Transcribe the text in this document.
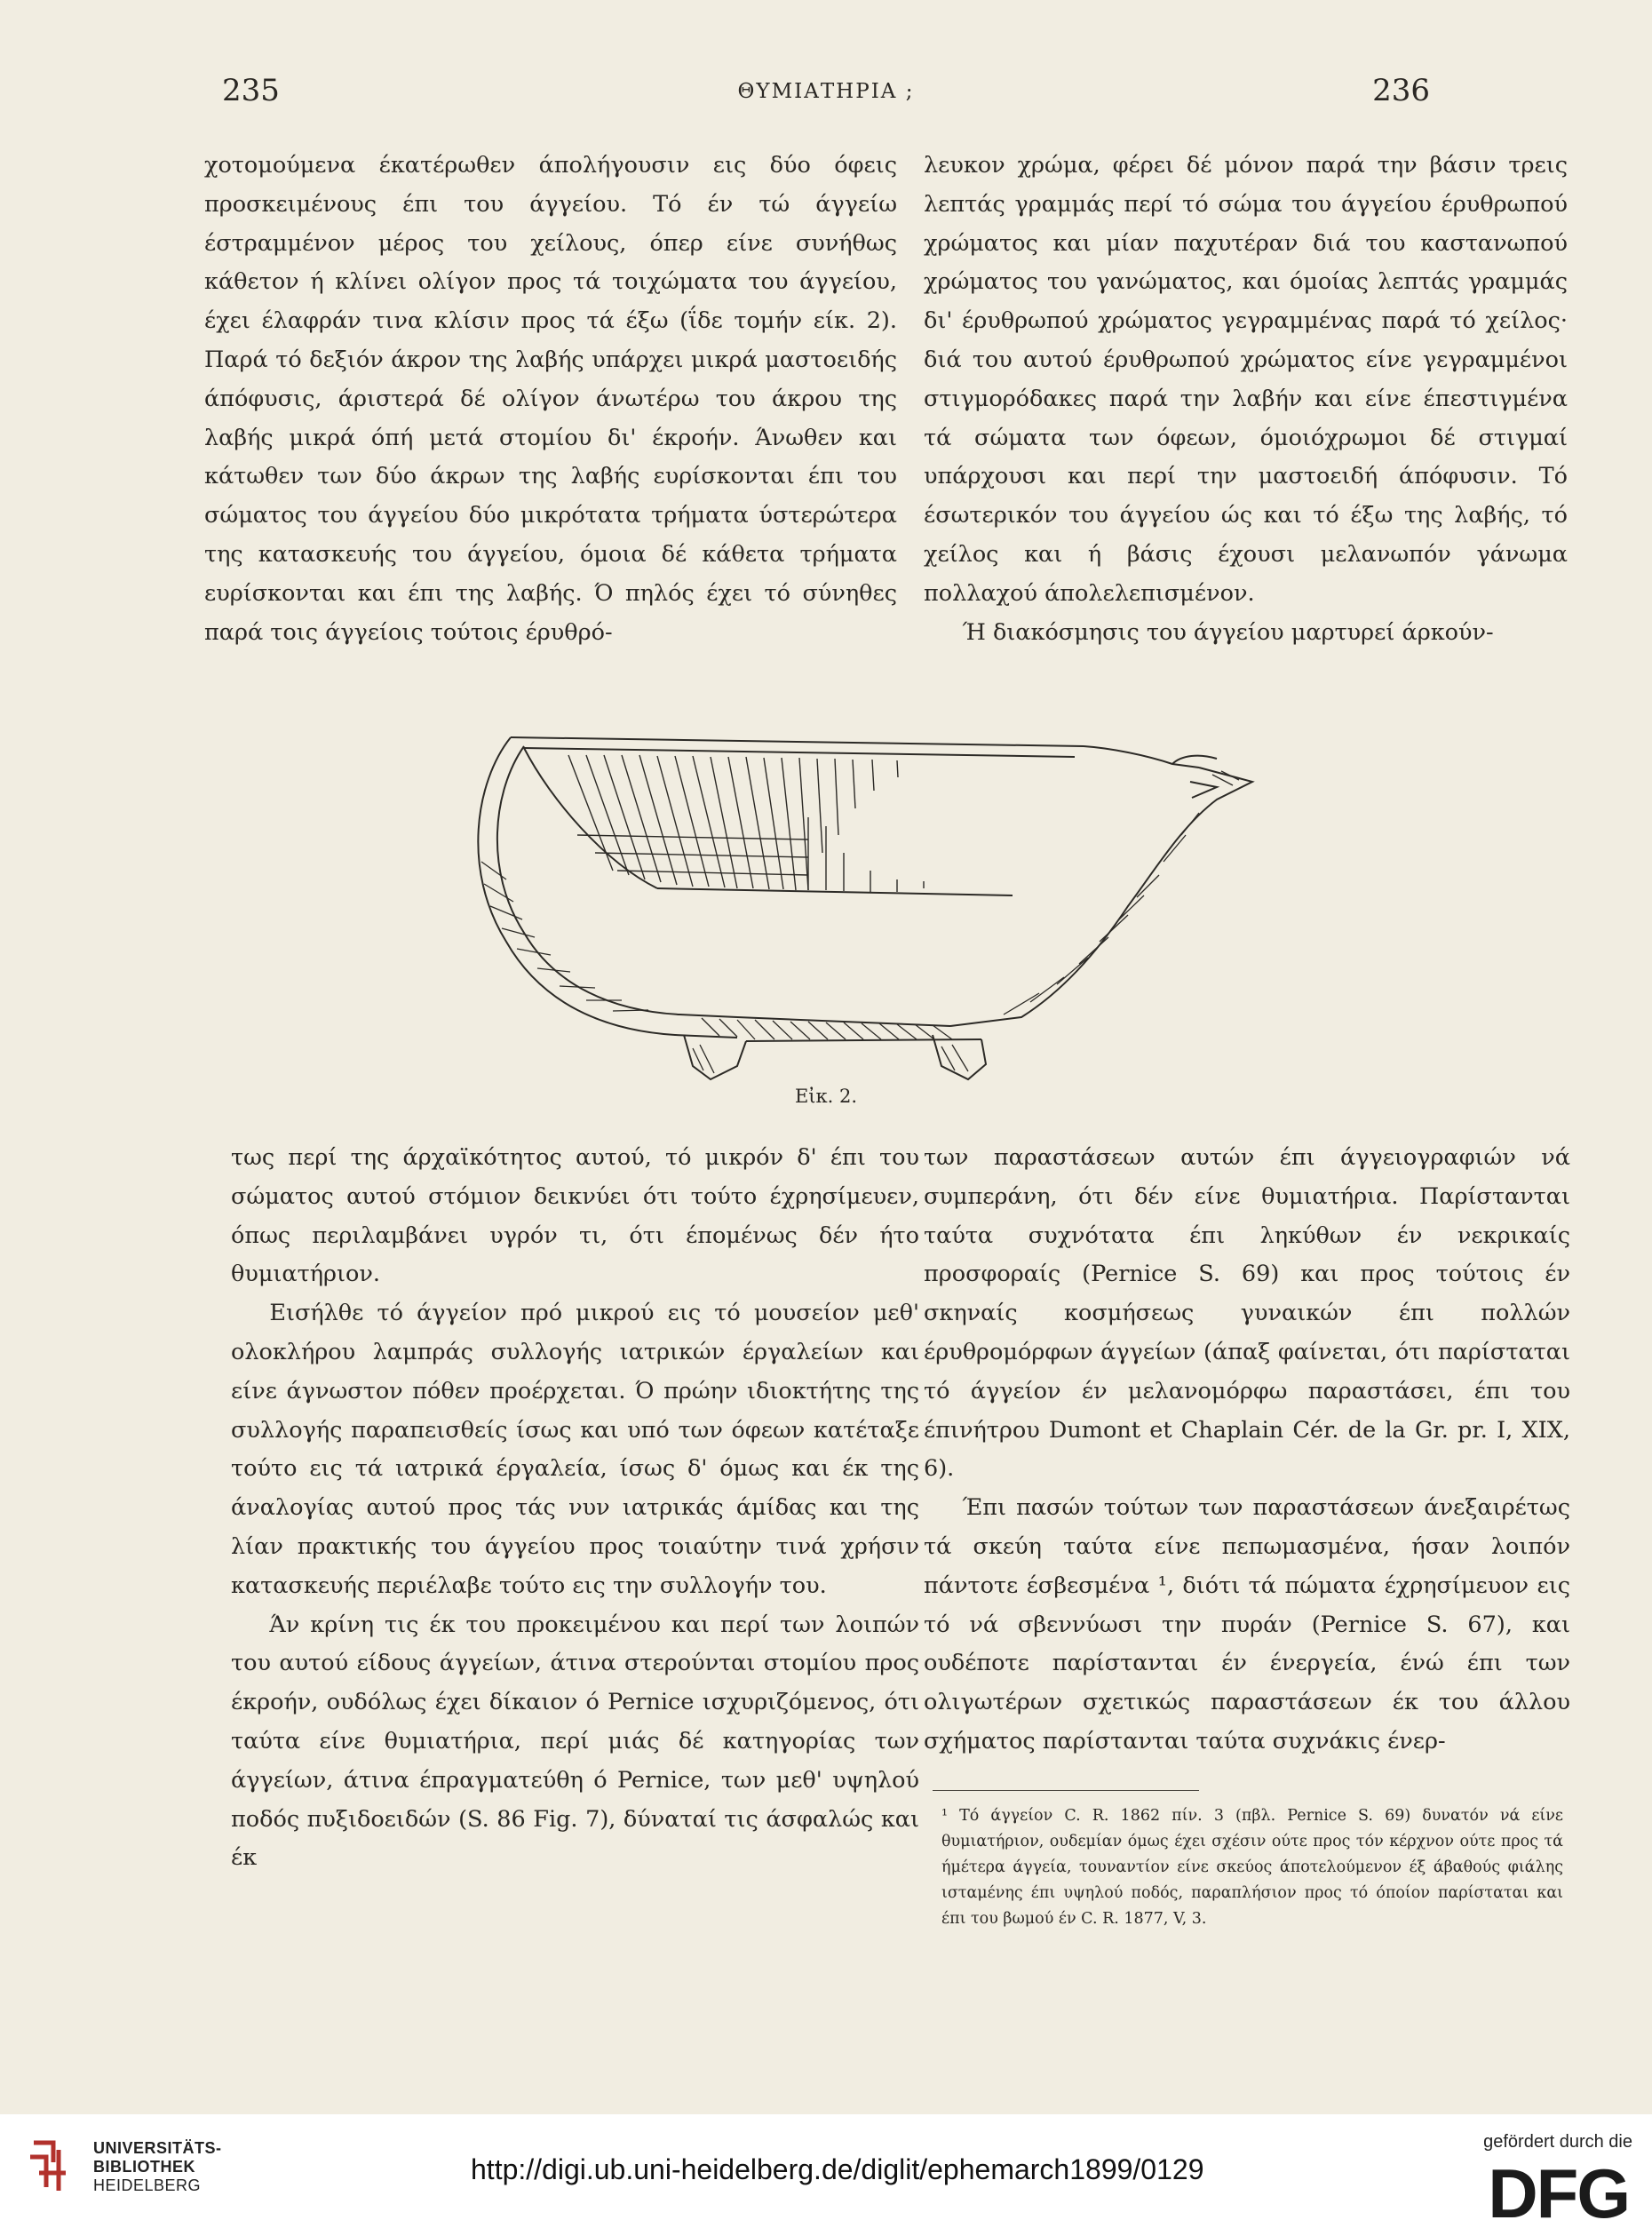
235	ΘΥΜΙΑΤΗΡΙΑ ;	236

χοτομούμενα έκατέρωθεν άπολήγουσιν εις δύο όφεις προσκειμένους έπι του άγγείου. Τό έν τώ άγγείω έστραμμένον μέρος του χείλους, όπερ είνε συνήθως κάθετον ή κλίνει ολίγον προς τά τοιχώματα του άγγείου, έχει έλαφράν τινα κλίσιν προς τά έξω (ΐδε τομήν είκ. 2). Παρά τό δεξιόν άκρον της λαβής υπάρχει μικρά μαστοειδής άπόφυσις, άριστερά δέ ολίγον άνωτέρω του άκρου της λαβής μικρά όπή μετά στομίου δι' έκροήν. Άνωθεν και κάτωθεν των δύο άκρων της λαβής ευρίσκονται έπι του σώματος του άγγείου δύο μικρότατα τρήματα ύστερώτερα της κατασκευής του άγγείου, όμοια δέ κάθετα τρήματα ευρίσκονται και έπι της λαβής. Ό πηλός έχει τό σύνηθες παρά τοις άγγείοις τούτοις έρυθρό-

λευκον χρώμα, φέρει δέ μόνον παρά την βάσιν τρεις λεπτάς γραμμάς περί τό σώμα του άγγείου έρυθρωπού χρώματος και μίαν παχυτέραν διά του καστανωπού χρώματος του γανώματος, και όμοίας λεπτάς γραμμάς δι' έρυθρωπού χρώματος γεγραμμένας παρά τό χείλος· διά του αυτού έρυθρωπού χρώματος είνε γεγραμμένοι στιγμορόδακες παρά την λαβήν και είνε έπεστιγμένα τά σώματα των όφεων, όμοιόχρωμοι δέ στιγμαί υπάρχουσι και περί την μαστοειδή άπόφυσιν. Τό έσωτερικόν του άγγείου ώς και τό έξω της λαβής, τό χείλος και ή βάσις έχουσι μελανωπόν γάνωμα πολλαχού άπολελεπισμένον.

Ή διακόσμησις του άγγείου μαρτυρεί άρκούν-

Εἰκ. 2.

τως περί της άρχαϊκότητος αυτού, τό μικρόν δ' έπι του σώματος αυτού στόμιον δεικνύει ότι τούτο έχρησίμευεν, όπως περιλαμβάνει υγρόν τι, ότι έπομένως δέν ήτο θυμιατήριον.

Εισήλθε τό άγγείον πρό μικρού εις τό μουσείον μεθ' ολοκλήρου λαμπράς συλλογής ιατρικών έργαλείων και είνε άγνωστον πόθεν προέρχεται. Ό πρώην ιδιοκτήτης της συλλογής παραπεισθείς ίσως και υπό των όφεων κατέταξε τούτο εις τά ιατρικά έργαλεία, ίσως δ' όμως και έκ της άναλογίας αυτού προς τάς νυν ιατρικάς άμίδας και της λίαν πρακτικής του άγγείου προς τοιαύτην τινά χρήσιν κατασκευής περιέλαβε τούτο εις την συλλογήν του.

Άν κρίνη τις έκ του προκειμένου και περί των λοιπών του αυτού είδους άγγείων, άτινα στερούνται στομίου προς έκροήν, ουδόλως έχει δίκαιον ό Pernice ισχυριζόμενος, ότι ταύτα είνε θυμιατήρια, περί μιάς δέ κατηγορίας των άγγείων, άτινα έπραγματεύθη ό Pernice, των μεθ' υψηλού ποδός πυξιδοειδών (S. 86 Fig. 7), δύναταί τις άσφαλώς και έκ

των παραστάσεων αυτών έπι άγγειογραφιών νά συμπεράνη, ότι δέν είνε θυμιατήρια. Παρίστανται ταύτα συχνότατα έπι ληκύθων έν νεκρικαίς προσφοραίς (Pernice S. 69) και προς τούτοις έν σκηναίς κοσμήσεως γυναικών έπι πολλών έρυθρομόρφων άγγείων (άπαξ φαίνεται, ότι παρίσταται τό άγγείον έν μελανομόρφω παραστάσει, έπι του έπινήτρου Dumont et Chaplain Cér. de la Gr. pr. I, XIX, 6).

Έπι πασών τούτων των παραστάσεων άνεξαιρέτως τά σκεύη ταύτα είνε πεπωμασμένα, ήσαν λοιπόν πάντοτε έσβεσμένα ¹, διότι τά πώματα έχρησίμευον εις τό νά σβεννύωσι την πυράν (Pernice S. 67), και ουδέποτε παρίστανται έν ένεργεία, ένώ έπι των ολιγωτέρων σχετικώς παραστάσεων έκ του άλλου σχήματος παρίστανται ταύτα συχνάκις ένερ-

¹ Τό άγγείον C. R. 1862 πίν. 3 (πβλ. Pernice S. 69) δυνατόν νά είνε θυμιατήριον, ουδεμίαν όμως έχει σχέσιν ούτε προς τόν κέρχνον ούτε προς τά ήμέτερα άγγεία, τουναντίον είνε σκεύος άποτελούμενον έξ άβαθούς φιάλης ισταμένης έπι υψηλού ποδός, παραπλήσιον προς τό όποίον παρίσταται και έπι του βωμού έν C. R. 1877, V, 3.
UNIVERSITÄTS-
BIBLIOTHEK
HEIDELBERG	http://digi.ub.uni-heidelberg.de/diglit/ephemarch1899/0129
gefördert durch die
DFG
